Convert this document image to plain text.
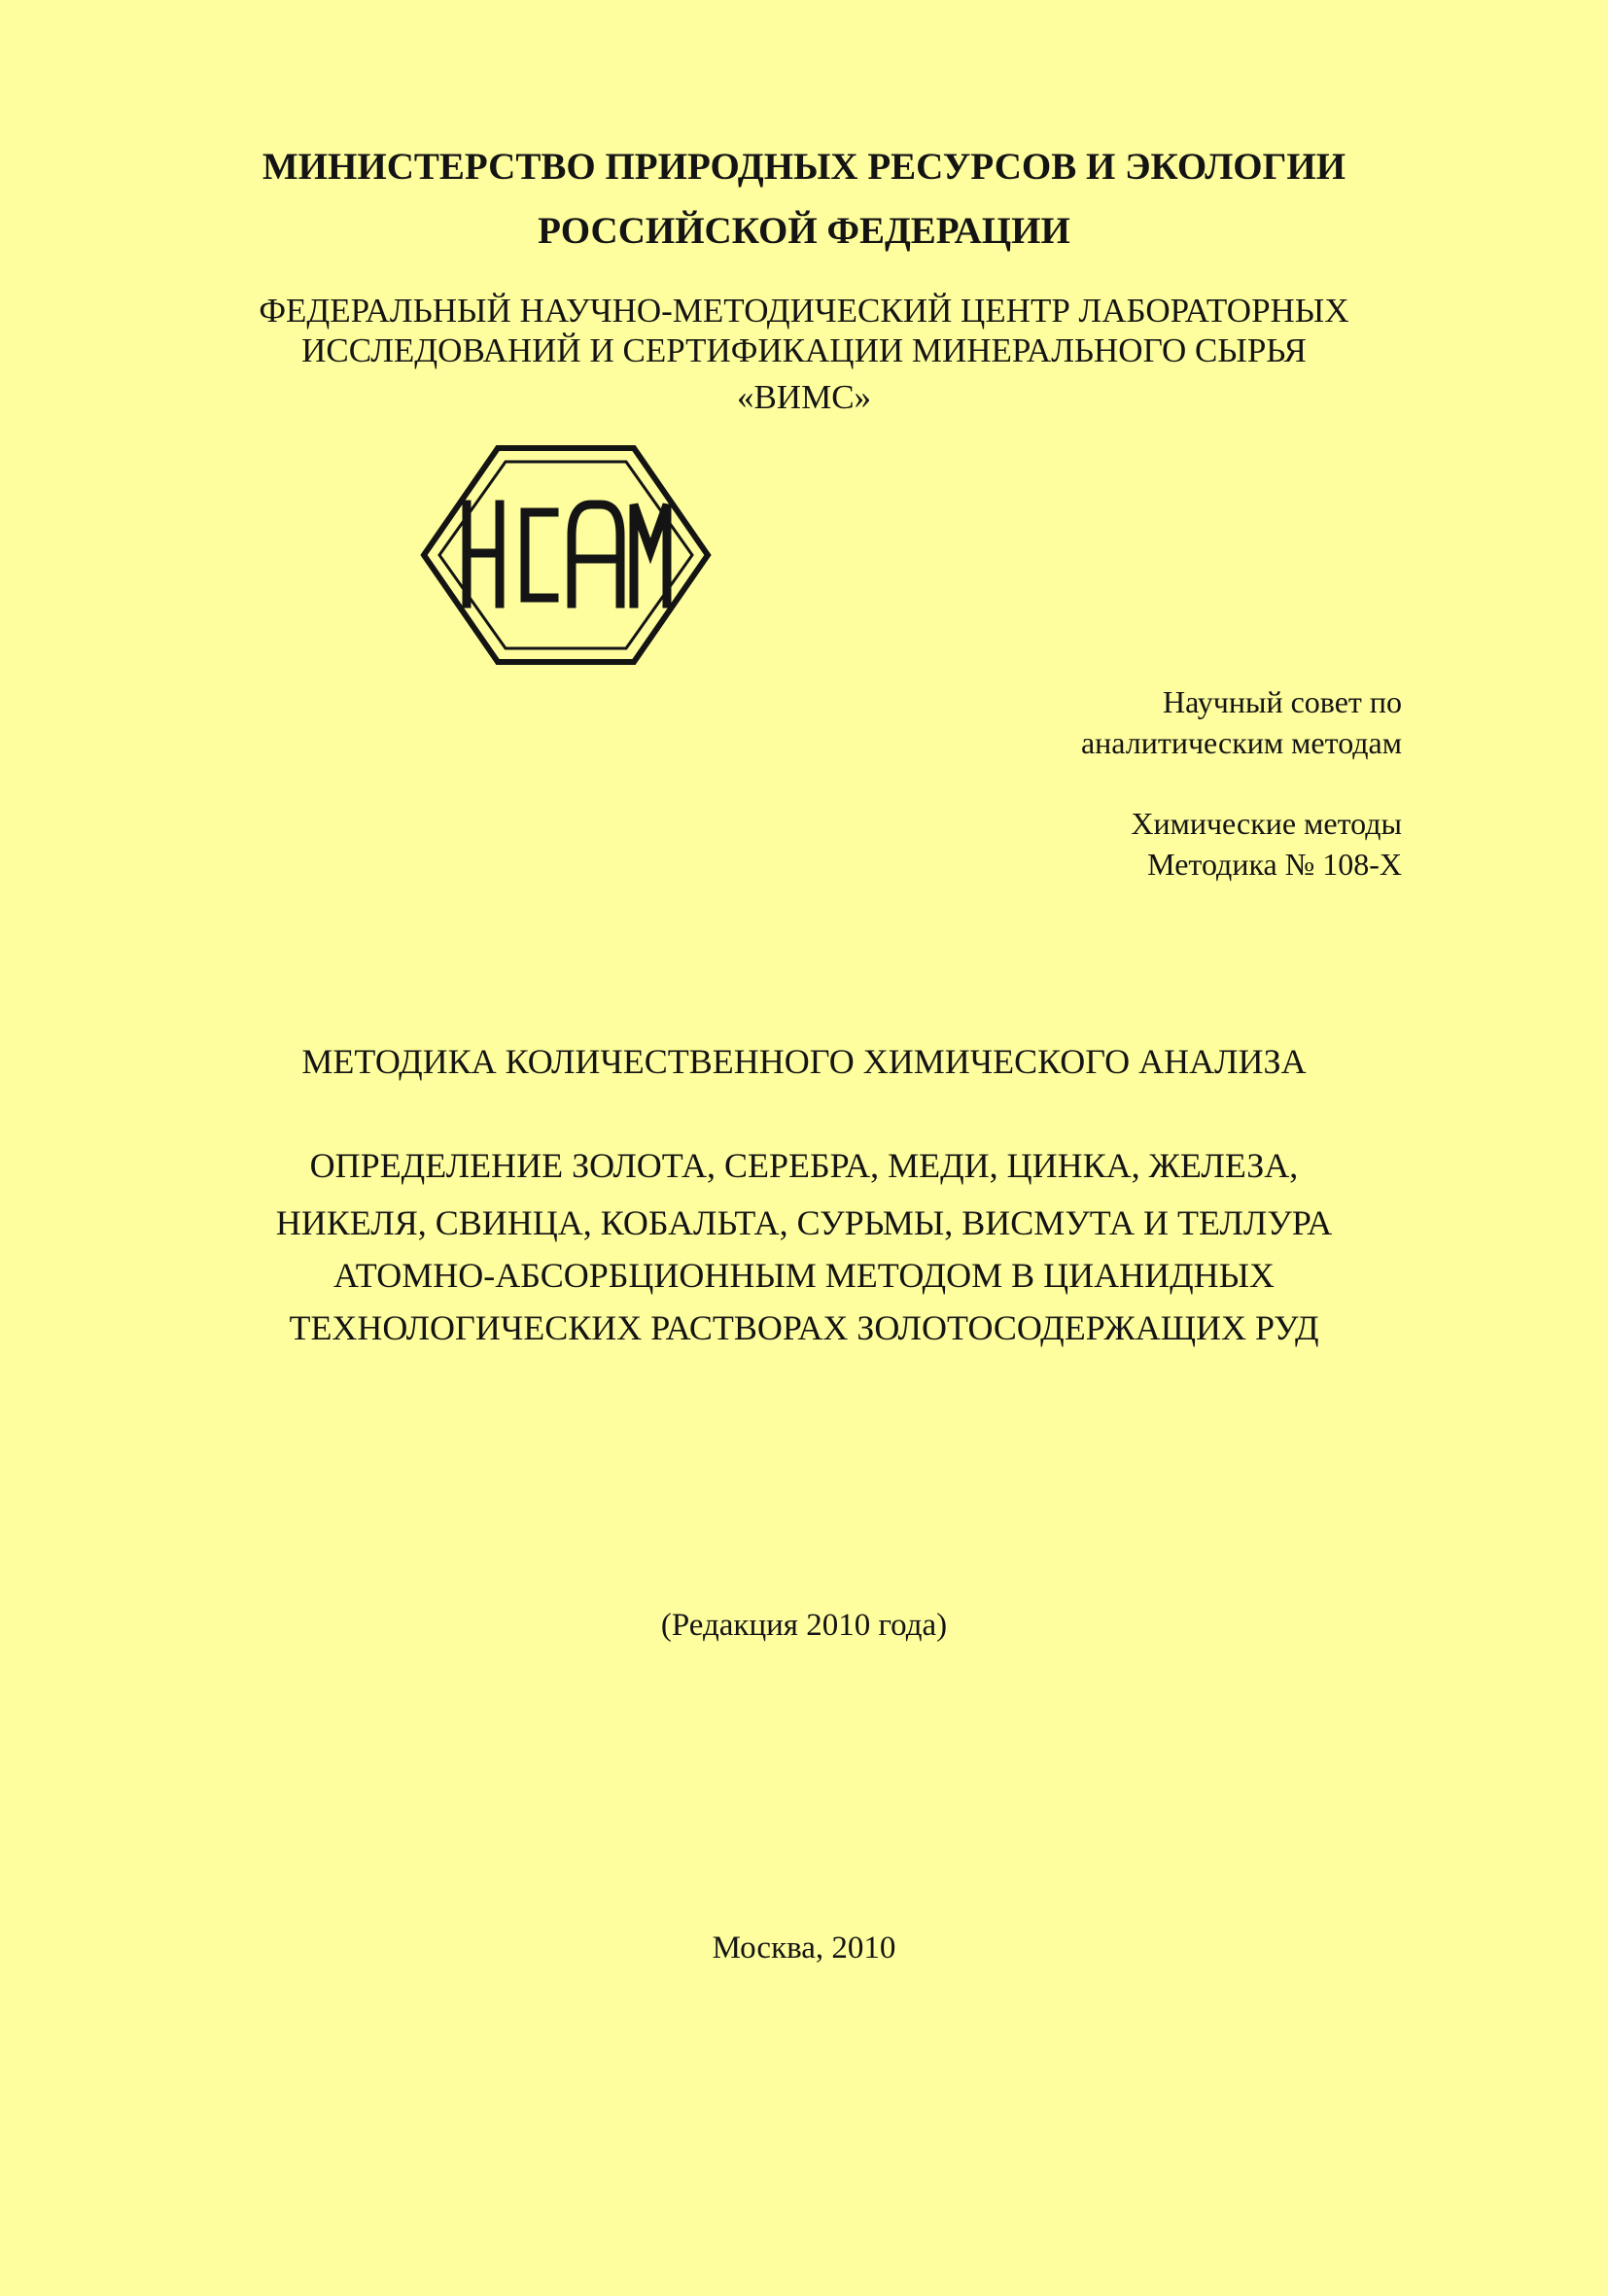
МИНИСТЕРСТВО ПРИРОДНЫХ РЕСУРСОВ И ЭКОЛОГИИ

РОССИЙСКОЙ ФЕДЕРАЦИИ

ФЕДЕРАЛЬНЫЙ НАУЧНО-МЕТОДИЧЕСКИЙ ЦЕНТР ЛАБОРАТОРНЫХ

ИССЛЕДОВАНИЙ И СЕРТИФИКАЦИИ МИНЕРАЛЬНОГО СЫРЬЯ

«ВИМС»

Научный совет по
аналитическим методам
Химические методы
Методика № 108-Х

МЕТОДИКА КОЛИЧЕСТВЕННОГО ХИМИЧЕСКОГО АНАЛИЗА

ОПРЕДЕЛЕНИЕ ЗОЛОТА, СЕРЕБРА, МЕДИ, ЦИНКА, ЖЕЛЕЗА,

НИКЕЛЯ, СВИНЦА, КОБАЛЬТА, СУРЬМЫ, ВИСМУТА И ТЕЛЛУРА

АТОМНО-АБСОРБЦИОННЫМ МЕТОДОМ В ЦИАНИДНЫХ

ТЕХНОЛОГИЧЕСКИХ РАСТВОРАХ ЗОЛОТОСОДЕРЖАЩИХ РУД

(Редакция 2010 года)

Москва, 2010
